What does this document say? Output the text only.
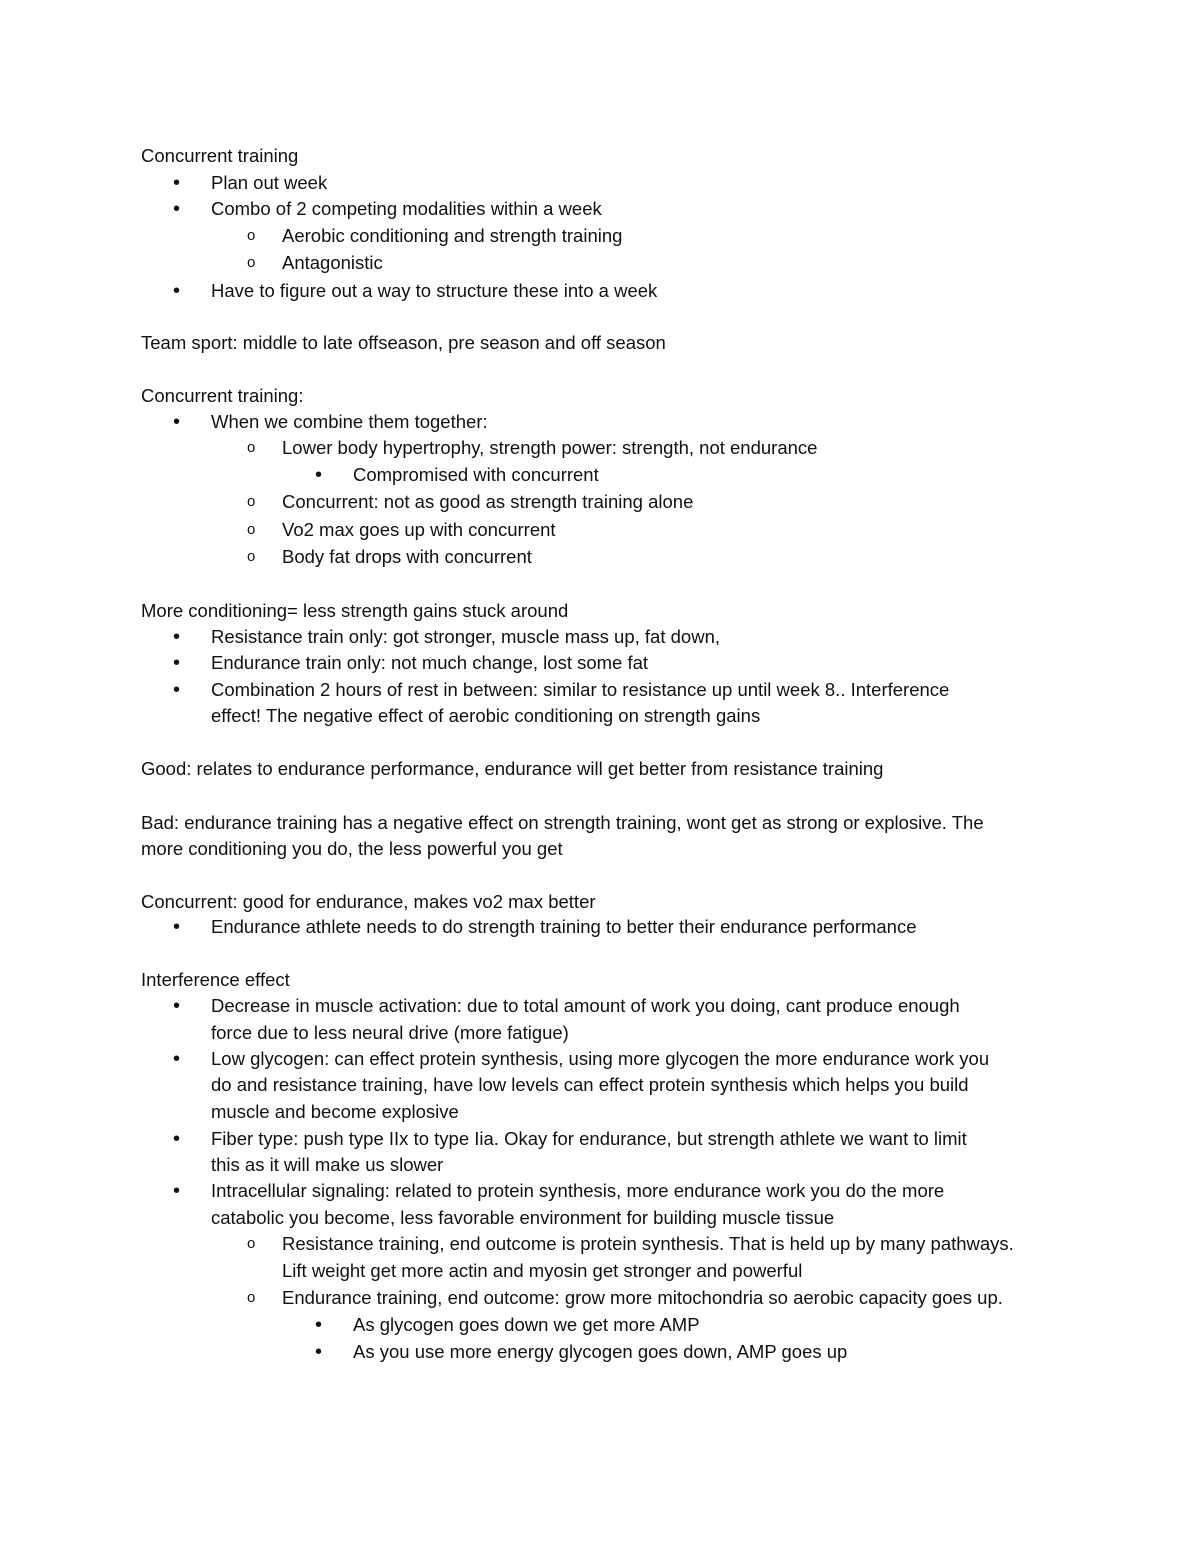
Concurrent training
•
Plan out week
•
Combo of 2 competing modalities within a week
o
Aerobic conditioning and strength training
o
Antagonistic
•
Have to figure out a way to structure these into a week
Team sport: middle to late offseason, pre season and off season
Concurrent training:
•
When we combine them together:
o
Lower body hypertrophy, strength power: strength, not endurance
•
Compromised with concurrent
o
Concurrent: not as good as strength training alone
o
Vo2 max goes up with concurrent
o
Body fat drops with concurrent
More conditioning= less strength gains stuck around
•
Resistance train only: got stronger, muscle mass up, fat down,
•
Endurance train only: not much change, lost some fat
•
Combination 2 hours of rest in between: similar to resistance up until week 8.. Interference
effect! The negative effect of aerobic conditioning on strength gains
Good: relates to endurance performance, endurance will get better from resistance training
Bad: endurance training has a negative effect on strength training, wont get as strong or explosive. The
more conditioning you do, the less powerful you get
Concurrent: good for endurance, makes vo2 max better
•
Endurance athlete needs to do strength training to better their endurance performance
Interference effect
•
Decrease in muscle activation: due to total amount of work you doing, cant produce enough
force due to less neural drive (more fatigue)
•
Low glycogen: can effect protein synthesis, using more glycogen the more endurance work you
do and resistance training, have low levels can effect protein synthesis which helps you build
muscle and become explosive
•
Fiber type: push type IIx to type Iia. Okay for endurance, but strength athlete we want to limit
this as it will make us slower
•
Intracellular signaling: related to protein synthesis, more endurance work you do the more
catabolic you become, less favorable environment for building muscle tissue
o
Resistance training, end outcome is protein synthesis. That is held up by many pathways.
Lift weight get more actin and myosin get stronger and powerful
o
Endurance training, end outcome: grow more mitochondria so aerobic capacity goes up.
•
As glycogen goes down we get more AMP
•
As you use more energy glycogen goes down, AMP goes up
